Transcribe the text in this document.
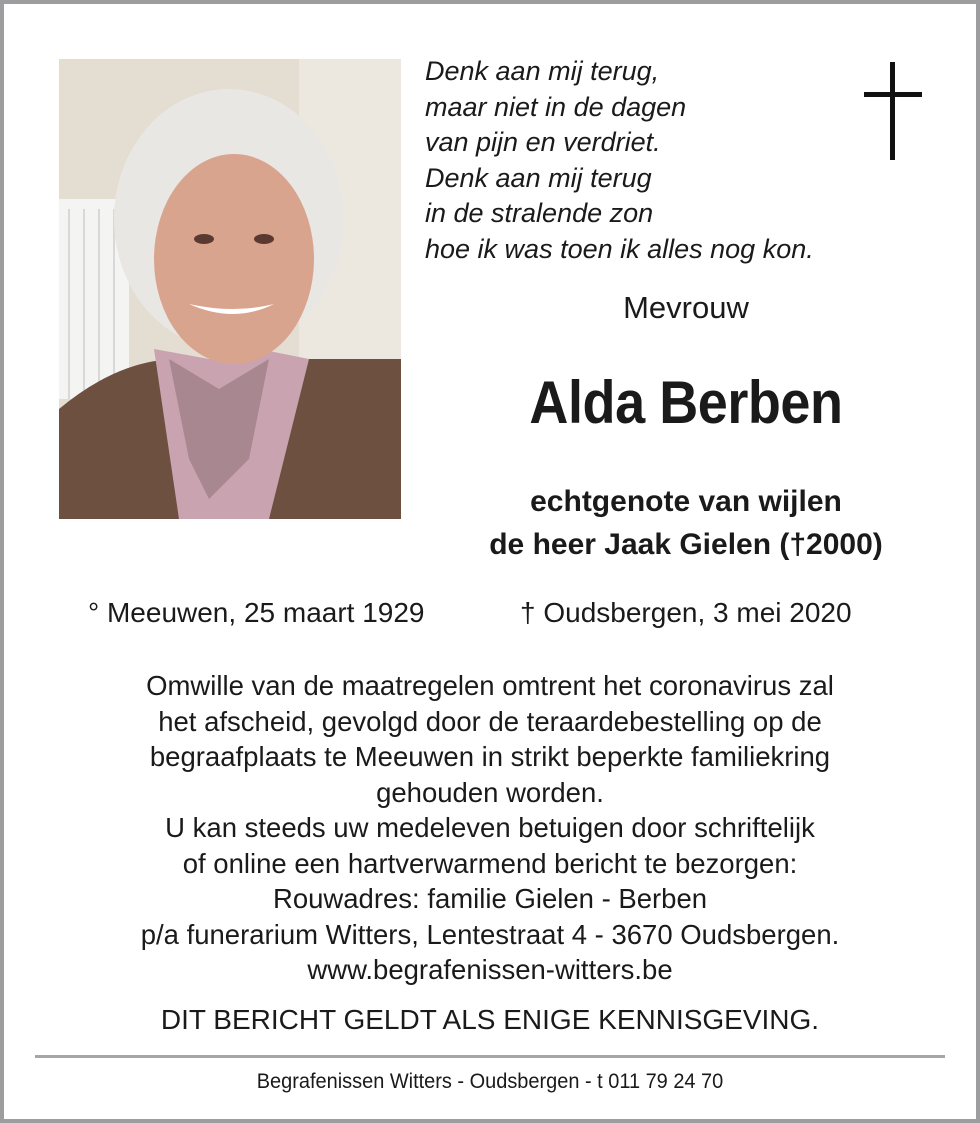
Denk aan mij terug,
maar niet in de dagen
van pijn en verdriet.
Denk aan mij terug
in de stralende zon
hoe ik was toen ik alles nog kon.
Mevrouw
Alda Berben
echtgenote van wijlen
de heer Jaak Gielen (†2000)
° Meeuwen, 25 maart 1929	† Oudsbergen, 3 mei 2020
Omwille van de maatregelen omtrent het coronavirus zal
het afscheid, gevolgd door de teraardebestelling op de
begraafplaats te Meeuwen in strikt beperkte familiekring
gehouden worden.
U kan steeds uw medeleven betuigen door schriftelijk
of online een hartverwarmend bericht te bezorgen:
Rouwadres: familie Gielen - Berben
p/a funerarium Witters, Lentestraat 4 - 3670 Oudsbergen.
www.begrafenissen-witters.be
DIT BERICHT GELDT ALS ENIGE KENNISGEVING.
Begrafenissen Witters - Oudsbergen - t 011 79 24 70
